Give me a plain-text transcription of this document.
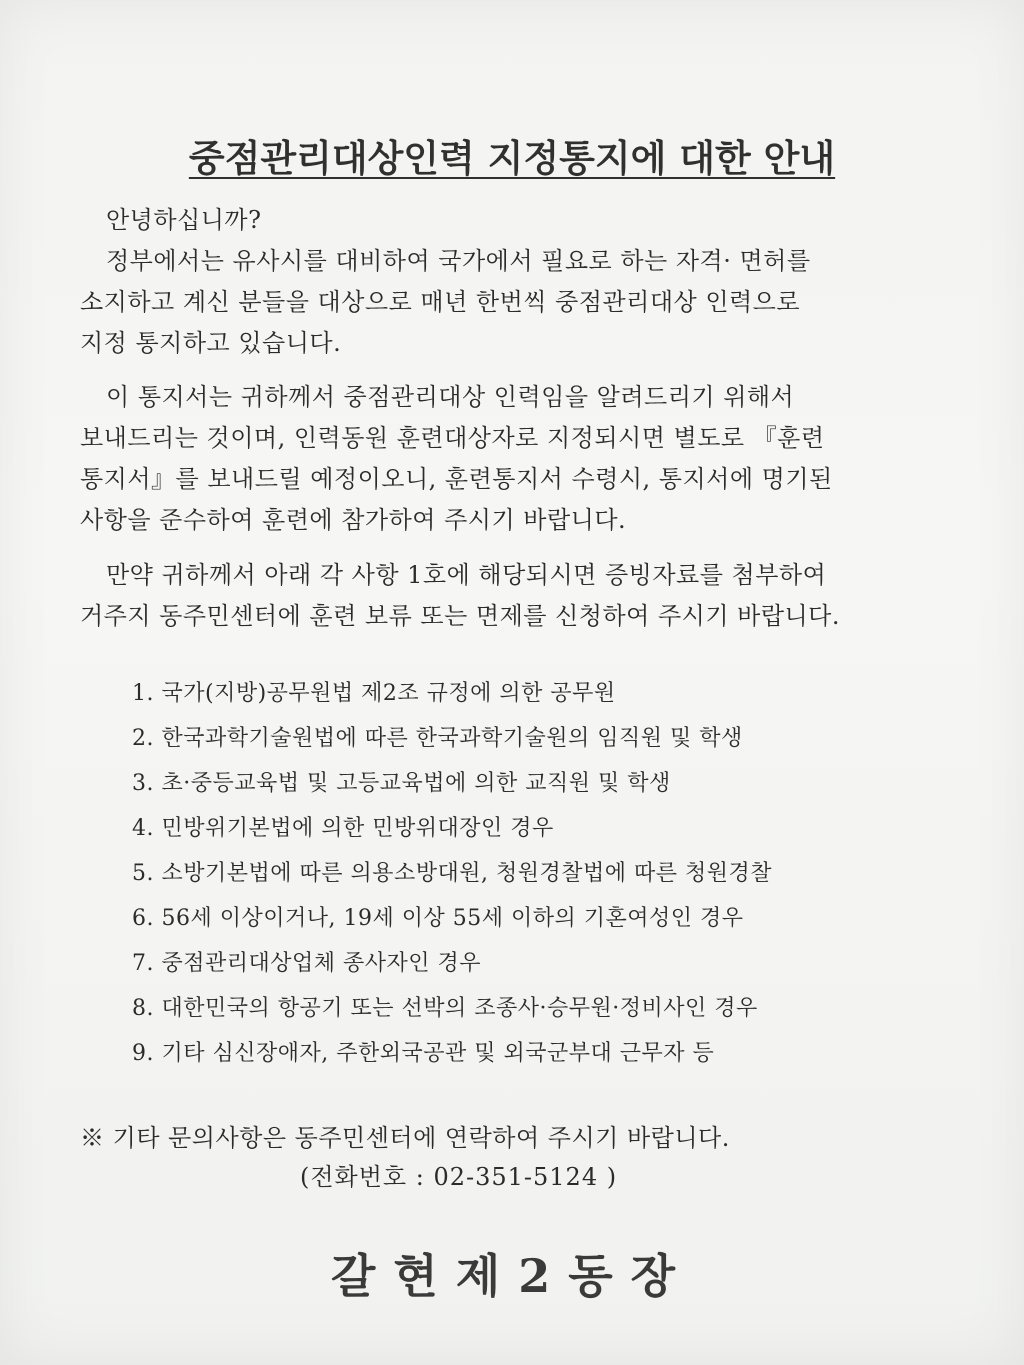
중점관리대상인력 지정통지에 대한 안내
안녕하십니까?
정부에서는 유사시를 대비하여 국가에서 필요로 하는 자격· 면허를
소지하고 계신 분들을 대상으로 매년 한번씩 중점관리대상 인력으로
지정 통지하고 있습니다.
이 통지서는 귀하께서 중점관리대상 인력임을 알려드리기 위해서
보내드리는 것이며, 인력동원 훈련대상자로 지정되시면 별도로 『훈련
통지서』를 보내드릴 예정이오니, 훈련통지서 수령시, 통지서에 명기된
사항을 준수하여 훈련에 참가하여 주시기 바랍니다.
만약 귀하께서 아래 각 사항 1호에 해당되시면 증빙자료를 첨부하여
거주지 동주민센터에 훈련 보류 또는 면제를 신청하여 주시기 바랍니다.
1. 국가(지방)공무원법 제2조 규정에 의한 공무원
2. 한국과학기술원법에 따른 한국과학기술원의 임직원 및 학생
3. 초·중등교육법 및 고등교육법에 의한 교직원 및 학생
4. 민방위기본법에 의한 민방위대장인 경우
5. 소방기본법에 따른 의용소방대원, 청원경찰법에 따른 청원경찰
6. 56세 이상이거나, 19세 이상 55세 이하의 기혼여성인 경우
7. 중점관리대상업체 종사자인 경우
8. 대한민국의 항공기 또는 선박의 조종사·승무원·정비사인 경우
9. 기타 심신장애자, 주한외국공관 및 외국군부대 근무자 등
※ 기타 문의사항은 동주민센터에 연락하여 주시기 바랍니다.
(전화번호 : 02-351-5124 )
갈현제2동장
